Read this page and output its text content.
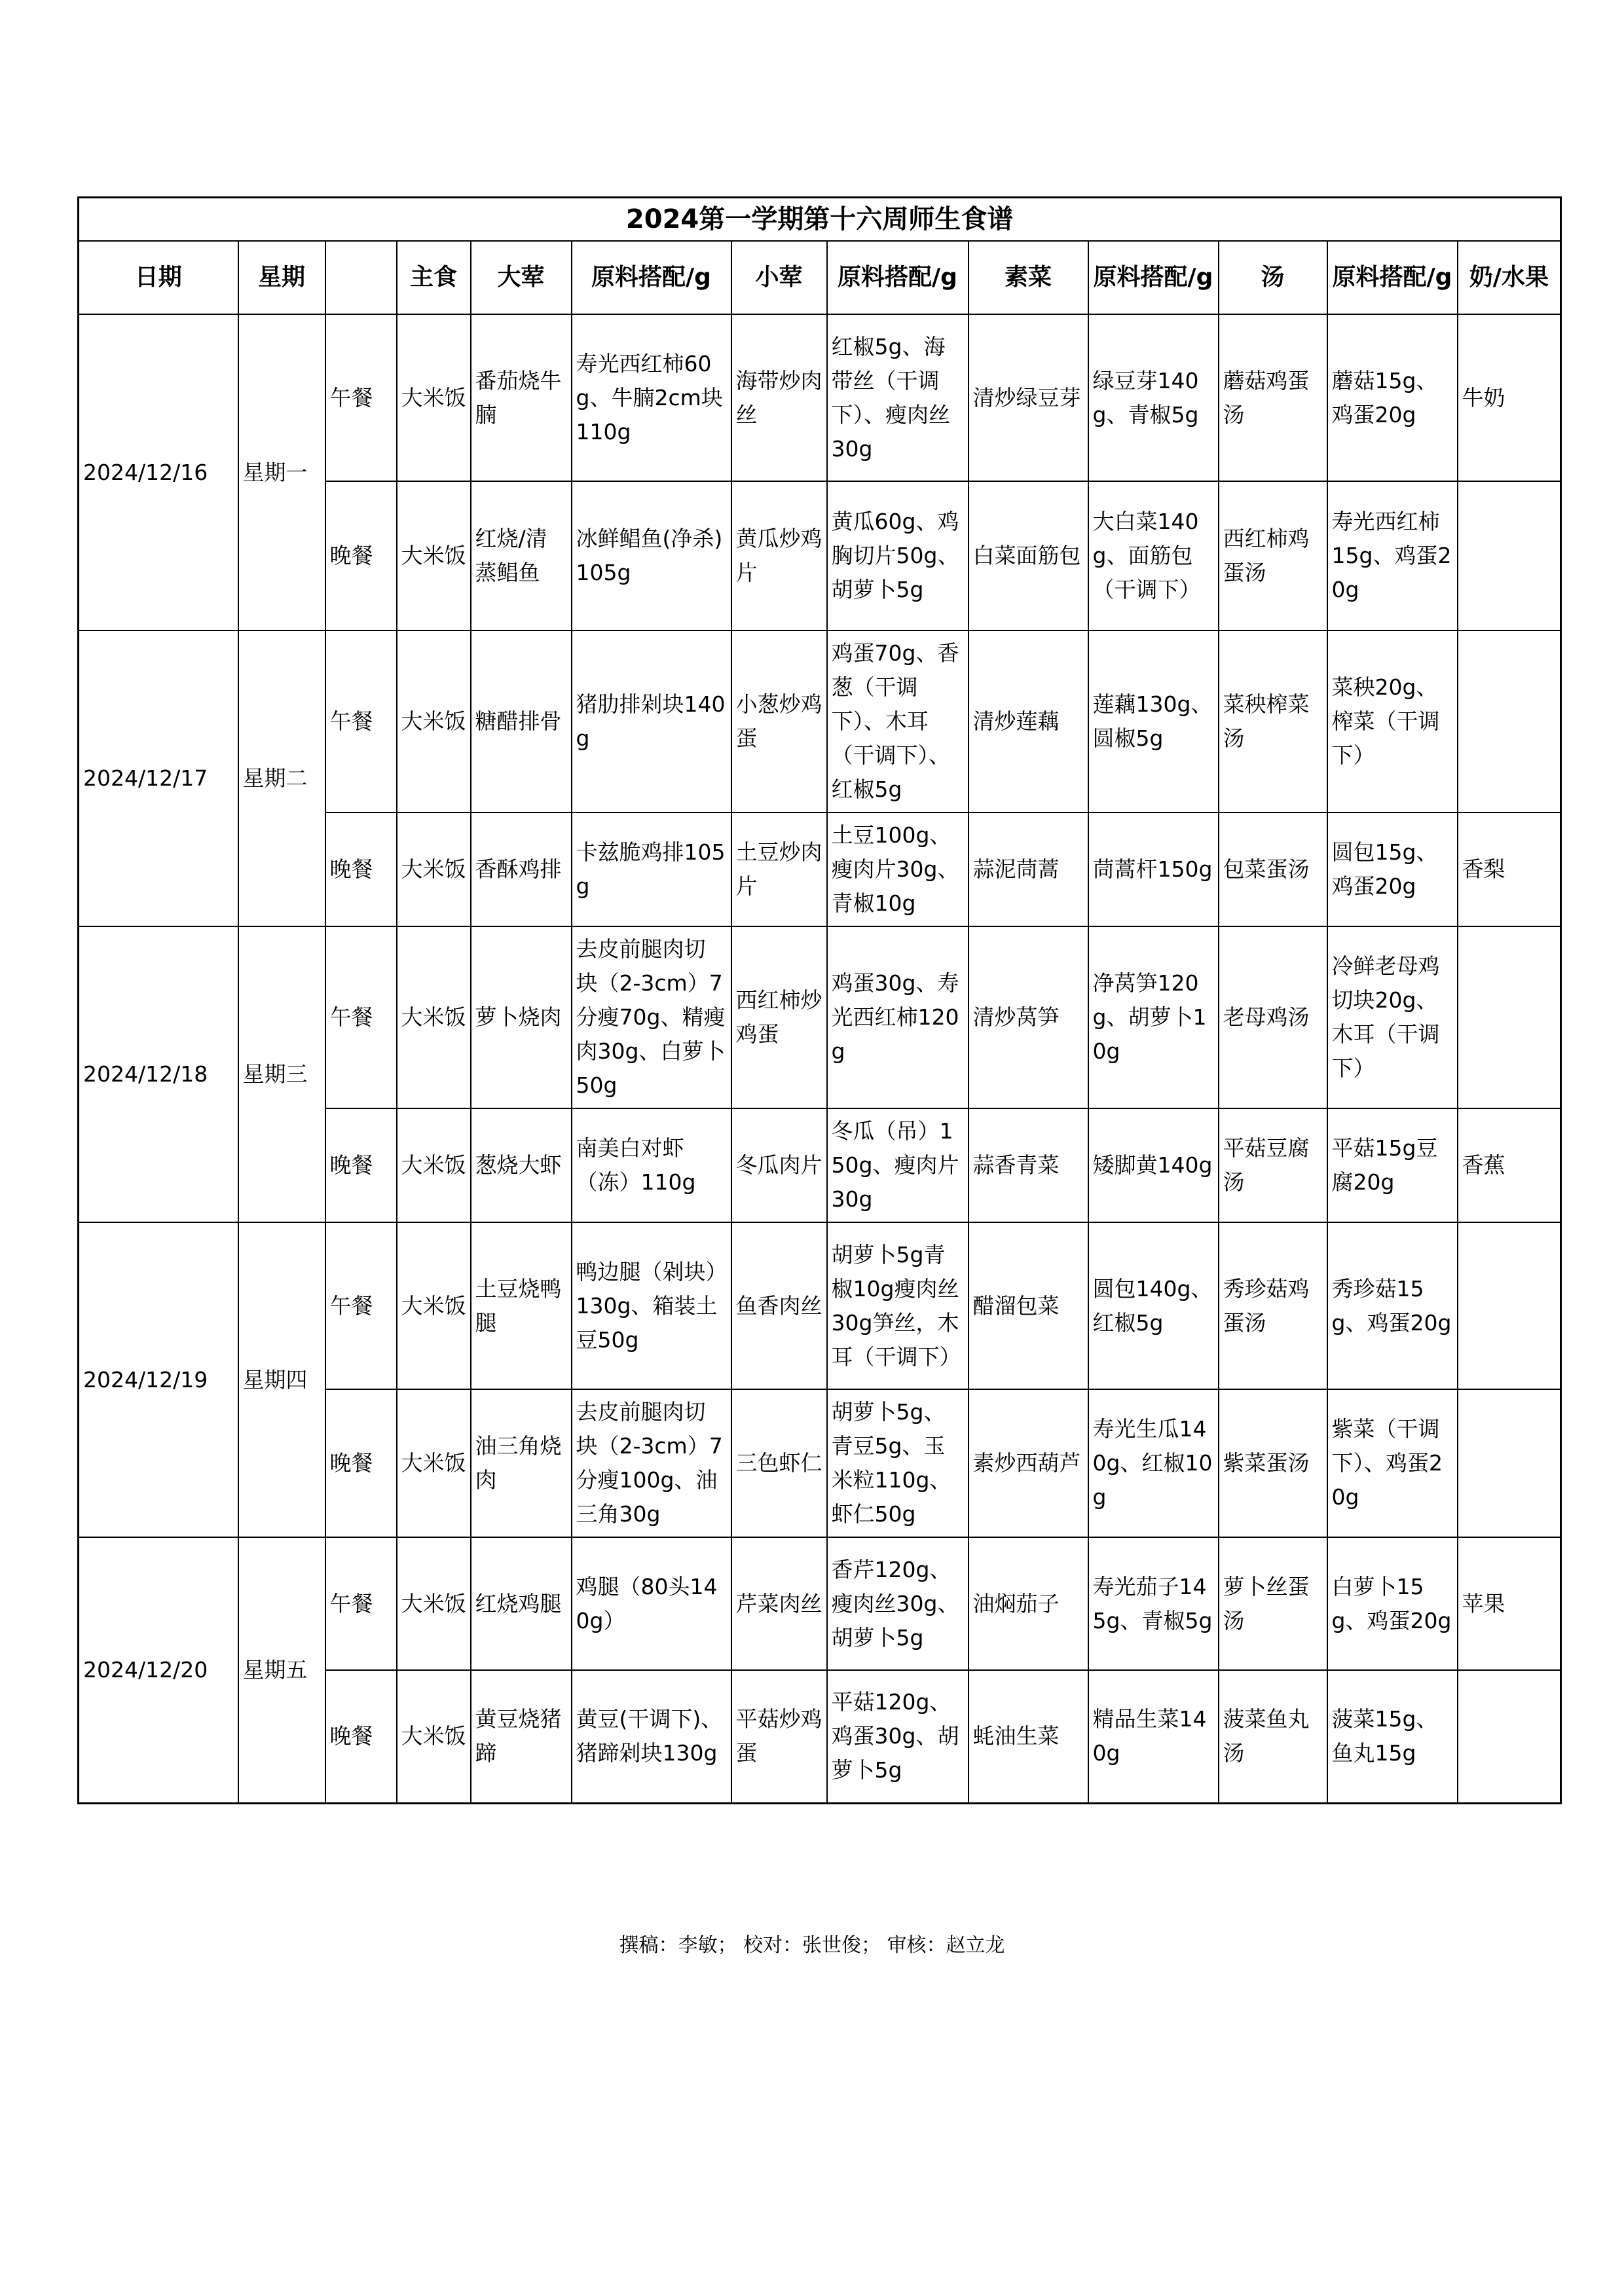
2024第一学期第十六周师生食谱												
日期	星期		主食	大荤	原料搭配/g	小荤	原料搭配/g	素菜	原料搭配/g	汤	原料搭配/g	奶/水果
2024/12/16	星期一	午餐	大米饭	番茄烧牛腩	寿光西红柿60g、牛腩2cm块110g	海带炒肉丝	红椒5g、海带丝（干调下）、瘦肉丝30g	清炒绿豆芽	绿豆芽140g、青椒5g	蘑菇鸡蛋汤	蘑菇15g、鸡蛋20g	牛奶
		晚餐	大米饭	红烧/清蒸鲳鱼	冰鲜鲳鱼(净杀)105g	黄瓜炒鸡片	黄瓜60g、鸡胸切片50g、胡萝卜5g	白菜面筋包	大白菜140g、面筋包（干调下）	西红柿鸡蛋汤	寿光西红柿15g、鸡蛋20g	
2024/12/17	星期二	午餐	大米饭	糖醋排骨	猪肋排剁块140g	小葱炒鸡蛋	鸡蛋70g、香葱（干调下）、木耳（干调下）、红椒5g	清炒莲藕	莲藕130g、圆椒5g	菜秧榨菜汤	菜秧20g、榨菜（干调下）	
		晚餐	大米饭	香酥鸡排	卡兹脆鸡排105g	土豆炒肉片	土豆100g、瘦肉片30g、青椒10g	蒜泥茼蒿	茼蒿杆150g	包菜蛋汤	圆包15g、鸡蛋20g	香梨
2024/12/18	星期三	午餐	大米饭	萝卜烧肉	去皮前腿肉切块（2-3cm）7分瘦70g、精瘦肉30g、白萝卜50g	西红柿炒鸡蛋	鸡蛋30g、寿光西红柿120g	清炒莴笋	净莴笋120g、胡萝卜10g	老母鸡汤	冷鲜老母鸡切块20g、木耳（干调下）	
		晚餐	大米饭	葱烧大虾	南美白对虾（冻）110g	冬瓜肉片	冬瓜（吊）150g、瘦肉片30g	蒜香青菜	矮脚黄140g	平菇豆腐汤	平菇15g豆腐20g	香蕉
2024/12/19	星期四	午餐	大米饭	土豆烧鸭腿	鸭边腿（剁块）130g、箱装土豆50g	鱼香肉丝	胡萝卜5g青椒10g瘦肉丝30g笋丝，木耳（干调下）	醋溜包菜	圆包140g、红椒5g	秀珍菇鸡蛋汤	秀珍菇15g、鸡蛋20g	
		晚餐	大米饭	油三角烧肉	去皮前腿肉切块（2-3cm）7分瘦100g、油三角30g	三色虾仁	胡萝卜5g、青豆5g、玉米粒110g、虾仁50g	素炒西葫芦	寿光生瓜140g、红椒10g	紫菜蛋汤	紫菜（干调下）、鸡蛋20g	
2024/12/20	星期五	午餐	大米饭	红烧鸡腿	鸡腿（80头140g）	芹菜肉丝	香芹120g、瘦肉丝30g、胡萝卜5g	油焖茄子	寿光茄子145g、青椒5g	萝卜丝蛋汤	白萝卜15g、鸡蛋20g	苹果
		晚餐	大米饭	黄豆烧猪蹄	黄豆(干调下)、猪蹄剁块130g	平菇炒鸡蛋	平菇120g、鸡蛋30g、胡萝卜5g	蚝油生菜	精品生菜140g	菠菜鱼丸汤	菠菜15g、鱼丸15g	
撰稿：李敏； 校对：张世俊； 审核：赵立龙
